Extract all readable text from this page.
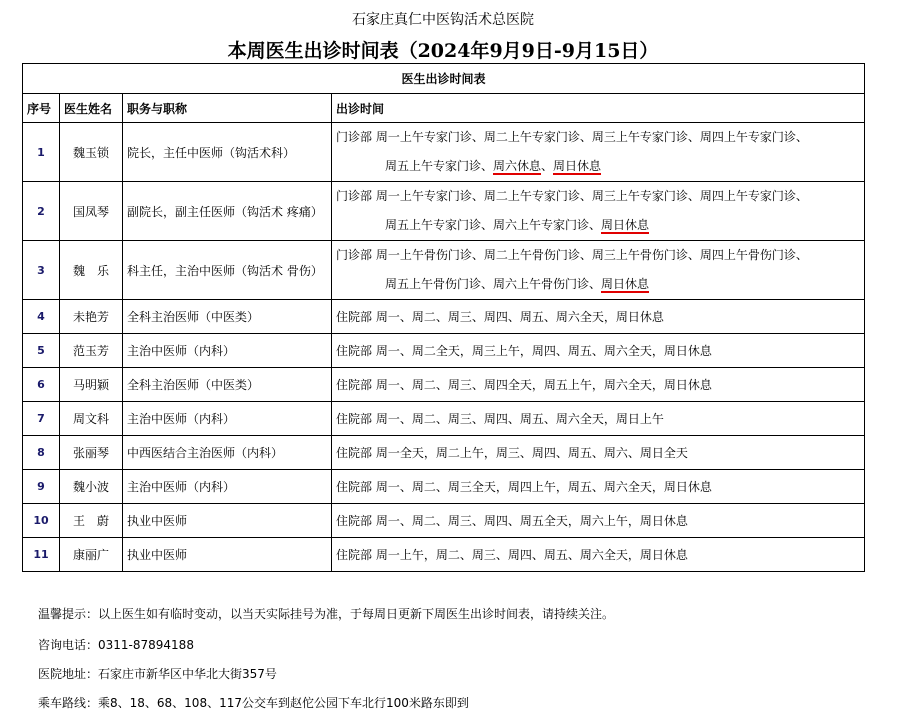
石家庄真仁中医钩活术总医院
本周医生出诊时间表（2024年9月9日-9月15日）
医生出诊时间表			
序号	医生姓名	职务与职称	出诊时间
1	魏玉锁	院长，主任中医师（钩活术科）	门诊部 周一上午专家门诊、周二上午专家门诊、周三上午专家门诊、周四上午专家门诊、
周五上午专家门诊、周六休息、周日休息

2	国凤琴	副院长，副主任医师（钩活术 疼痛）	门诊部 周一上午专家门诊、周二上午专家门诊、周三上午专家门诊、周四上午专家门诊、
周五上午专家门诊、周六上午专家门诊、周日休息

3	魏　乐	科主任，主治中医师（钩活术 骨伤）	门诊部 周一上午骨伤门诊、周二上午骨伤门诊、周三上午骨伤门诊、周四上午骨伤门诊、
周五上午骨伤门诊、周六上午骨伤门诊、周日休息

4	未艳芳	全科主治医师（中医类）	住院部 周一、周二、周三、周四、周五、周六全天，周日休息
5	范玉芳	主治中医师（内科）	住院部 周一、周二全天，周三上午，周四、周五、周六全天，周日休息
6	马明颖	全科主治医师（中医类）	住院部 周一、周二、周三、周四全天，周五上午，周六全天，周日休息
7	周文科	主治中医师（内科）	住院部 周一、周二、周三、周四、周五、周六全天，周日上午
8	张丽琴	中西医结合主治医师（内科）	住院部 周一全天，周二上午，周三、周四、周五、周六、周日全天
9	魏小波	主治中医师（内科）	住院部 周一、周二、周三全天，周四上午，周五、周六全天，周日休息
10	王　蔚	执业中医师	住院部 周一、周二、周三、周四、周五全天，周六上午，周日休息
11	康丽广	执业中医师	住院部 周一上午，周二、周三、周四、周五、周六全天，周日休息
温馨提示：以上医生如有临时变动，以当天实际挂号为准，于每周日更新下周医生出诊时间表，请持续关注。
咨询电话：0311-87894188
医院地址：石家庄市新华区中华北大街357号
乘车路线：乘8、18、68、108、117公交车到赵佗公园下车北行100米路东即到
